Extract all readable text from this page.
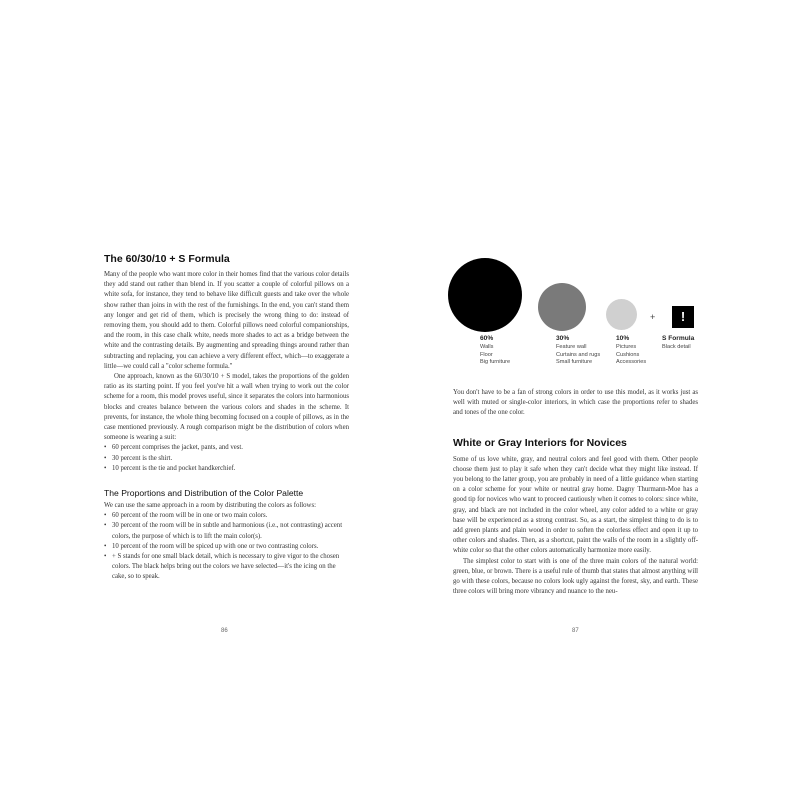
The 60/30/10 + S Formula

Many of the people who want more color in their homes find that the various color details they add stand out rather than blend in. If you scatter a couple of colorful pillows on a white sofa, for instance, they tend to behave like difficult guests and take over the whole show rather than joins in with the rest of the furnishings. In the end, you can't stand them any longer and get rid of them, which is precisely the wrong thing to do: instead of removing them, you should add to them. Colorful pillows need colorful companionships, and the room, in this case chalk white, needs more shades to act as a bridge between the white and the contrasting details. By augmenting and spreading things around rather than subtracting and replacing, you can achieve a very different effect, which—to exaggerate a little—we could call a "color scheme formula."

One approach, known as the 60/30/10 + S model, takes the proportions of the golden ratio as its starting point. If you feel you've hit a wall when trying to work out the color scheme for a room, this model proves useful, since it separates the colors into harmonious blocks and creates balance between the various colors and shades in the scheme. It prevents, for instance, the whole thing becoming focused on a couple of pillows, as in the case mentioned previously. A rough comparison might be the distribution of colors when someone is wearing a suit:

• 60 percent comprises the jacket, pants, and vest.
• 30 percent is the shirt.
• 10 percent is the tie and pocket handkerchief.
The Proportions and Distribution of the Color Palette

We can use the same approach in a room by distributing the colors as follows:

• 60 percent of the room will be in one or two main colors.
• 30 percent of the room will be in subtle and harmonious (i.e., not contrasting) accent colors, the purpose of which is to lift the main color(s).
• 10 percent of the room will be spiced up with one or two contrasting colors.
• + S stands for one small black detail, which is necessary to give vigor to the chosen colors. The black helps bring out the colors we have selected—it's the icing on the cake, so to speak.
86
+	!
60%
Walls
Floor
Big furniture
30%
Feature wall
Curtains and rugs
Small furniture
10%
Pictures
Cushions
Accessories
S Formula
Black detail

You don't have to be a fan of strong colors in order to use this model, as it works just as well with muted or single-color interiors, in which case the proportions refer to shades and tones of the one color.

White or Gray Interiors for Novices

Some of us love white, gray, and neutral colors and feel good with them. Other people choose them just to play it safe when they can't decide what they might like instead. If you belong to the latter group, you are probably in need of a little guidance when starting on a color scheme for your white or neutral gray home. Dagny Thurmann-Moe has a good tip for novices who want to proceed cautiously when it comes to colors: since white, gray, and black are not included in the color wheel, any color added to a white or gray base will be experienced as a strong contrast. So, as a start, the simplest thing to do is to add green plants and plain wood in order to soften the colorless effect and open it up to other colors and shades. Then, as a shortcut, paint the walls of the room in a slightly off-white color so that the other colors automatically harmonize more easily.

The simplest color to start with is one of the three main colors of the natural world: green, blue, or brown. There is a useful rule of thumb that states that almost anything will go with these colors, because no colors look ugly against the forest, sky, and earth. These three colors will bring more vibrancy and nuance to the neu-

87
